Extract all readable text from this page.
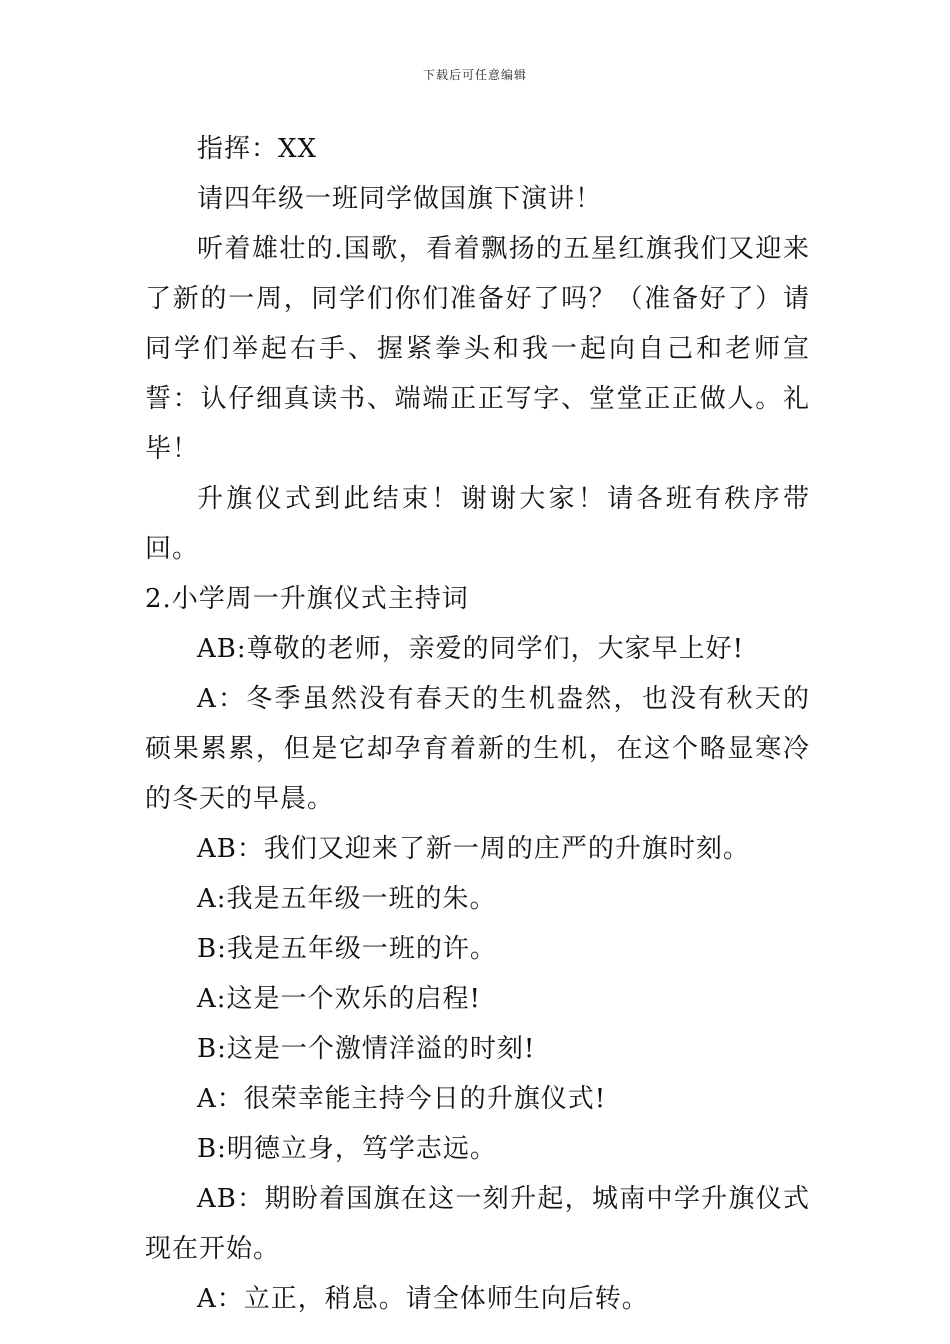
下载后可任意编辑

指挥：XX

请四年级一班同学做国旗下演讲！

听着雄壮的.国歌，看着飘扬的五星红旗我们又迎来了新的一周，同学们你们准备好了吗？（准备好了）请同学们举起右手、握紧拳头和我一起向自己和老师宣誓：认仔细真读书、端端正正写字、堂堂正正做人。礼毕！

升旗仪式到此结束！谢谢大家！请各班有秩序带回。

2.小学周一升旗仪式主持词

AB:尊敬的老师，亲爱的同学们，大家早上好!

A：冬季虽然没有春天的生机盎然，也没有秋天的硕果累累，但是它却孕育着新的生机，在这个略显寒冷的冬天的早晨。

AB：我们又迎来了新一周的庄严的升旗时刻。

A:我是五年级一班的朱。

B:我是五年级一班的许。

A:这是一个欢乐的启程!

B:这是一个激情洋溢的时刻!

A：很荣幸能主持今日的升旗仪式!

B:明德立身，笃学志远。

AB：期盼着国旗在这一刻升起，城南中学升旗仪式现在开始。

A：立正，稍息。请全体师生向后转。
